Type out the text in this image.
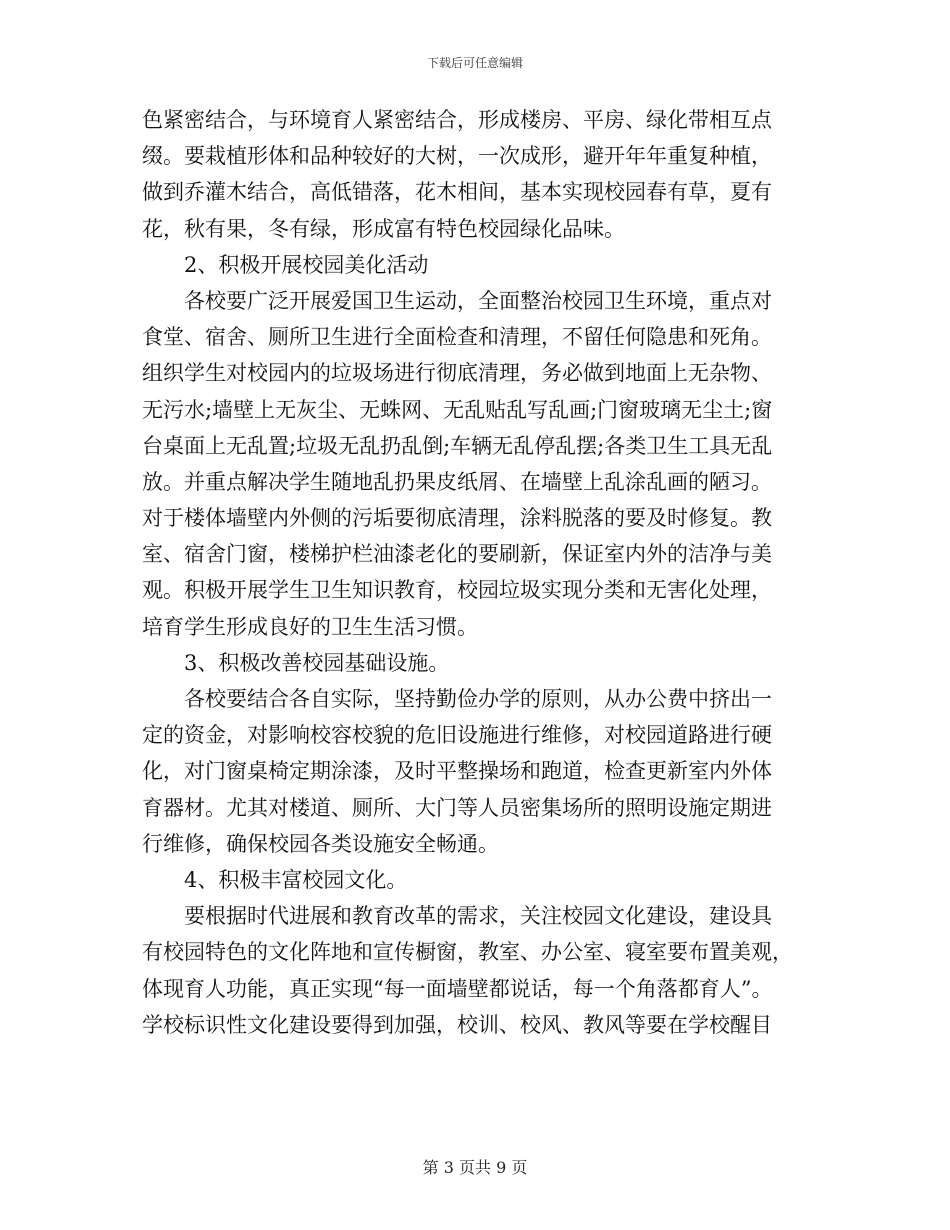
下载后可任意编辑
色紧密结合，与环境育人紧密结合，形成楼房、平房、绿化带相互点
缀。要栽植形体和品种较好的大树，一次成形，避开年年重复种植，
做到乔灌木结合，高低错落，花木相间，基本实现校园春有草，夏有
花，秋有果，冬有绿，形成富有特色校园绿化品味。
2、积极开展校园美化活动
各校要广泛开展爱国卫生运动，全面整治校园卫生环境，重点对
食堂、宿舍、厕所卫生进行全面检查和清理，不留任何隐患和死角。
组织学生对校园内的垃圾场进行彻底清理，务必做到地面上无杂物、
无污水;墙壁上无灰尘、无蛛网、无乱贴乱写乱画;门窗玻璃无尘土;窗
台桌面上无乱置;垃圾无乱扔乱倒;车辆无乱停乱摆;各类卫生工具无乱
放。并重点解决学生随地乱扔果皮纸屑、在墙壁上乱涂乱画的陋习。
对于楼体墙壁内外侧的污垢要彻底清理，涂料脱落的要及时修复。教
室、宿舍门窗，楼梯护栏油漆老化的要刷新，保证室内外的洁净与美
观。积极开展学生卫生知识教育，校园垃圾实现分类和无害化处理，
培育学生形成良好的卫生生活习惯。
3、积极改善校园基础设施。
各校要结合各自实际，坚持勤俭办学的原则，从办公费中挤出一
定的资金，对影响校容校貌的危旧设施进行维修，对校园道路进行硬
化，对门窗桌椅定期涂漆，及时平整操场和跑道，检查更新室内外体
育器材。尤其对楼道、厕所、大门等人员密集场所的照明设施定期进
行维修，确保校园各类设施安全畅通。
4、积极丰富校园文化。
要根据时代进展和教育改革的需求，关注校园文化建设，建设具
有校园特色的文化阵地和宣传橱窗，教室、办公室、寝室要布置美观，
体现育人功能，真正实现“每一面墙壁都说话，每一个角落都育人”。
学校标识性文化建设要得到加强，校训、校风、教风等要在学校醒目
第 3 页共 9 页
